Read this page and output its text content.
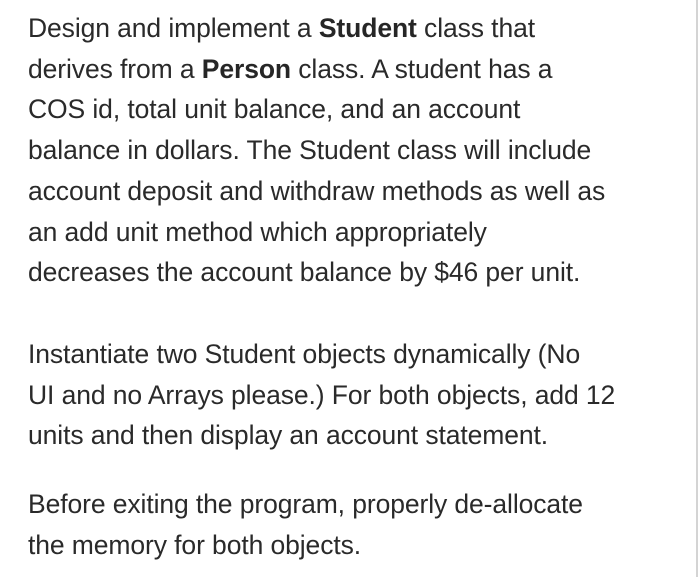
Design and implement a Student class that
derives from a Person class. A student has a
COS id, total unit balance, and an account
balance in dollars. The Student class will include
account deposit and withdraw methods as well as
an add unit method which appropriately
decreases the account balance by $46 per unit.

Instantiate two Student objects dynamically (No
UI and no Arrays please.) For both objects, add 12
units and then display an account statement.

Before exiting the program, properly de-allocate
the memory for both objects.
